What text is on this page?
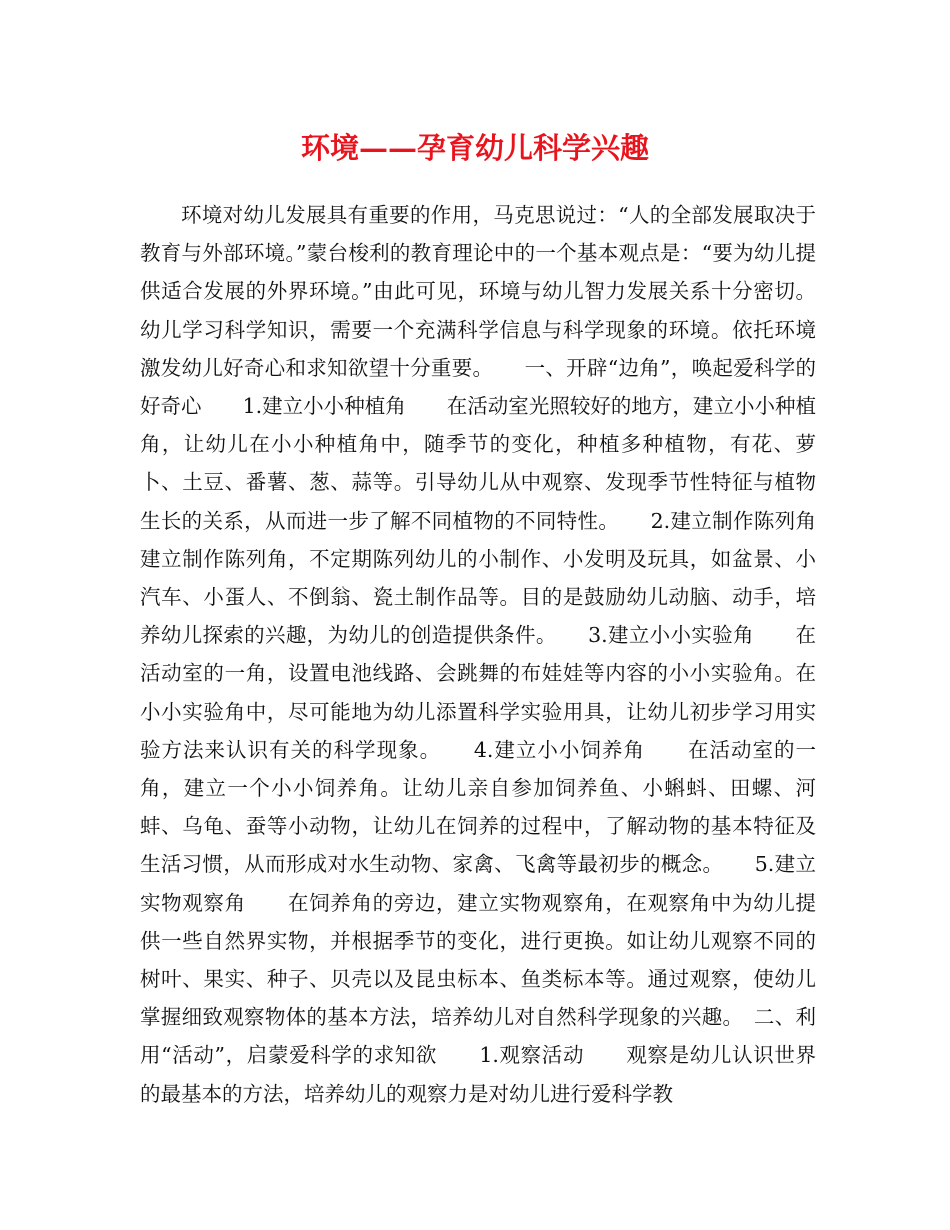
环境——孕育幼儿科学兴趣

环境对幼儿发展具有重要的作用，马克思说过：“人的全部发展取决于教育与外部环境。”蒙台梭利的教育理论中的一个基本观点是：“要为幼儿提供适合发展的外界环境。”由此可见，环境与幼儿智力发展关系十分密切。幼儿学习科学知识，需要一个充满科学信息与科学现象的环境。依托环境激发幼儿好奇心和求知欲望十分重要。　　一、开辟“边角”，唤起爱科学的好奇心　　1.建立小小种植角　　在活动室光照较好的地方，建立小小种植角，让幼儿在小小种植角中，随季节的变化，种植多种植物，有花、萝卜、土豆、番薯、葱、蒜等。引导幼儿从中观察、发现季节性特征与植物生长的关系，从而进一步了解不同植物的不同特性。　　2.建立制作陈列角　　建立制作陈列角，不定期陈列幼儿的小制作、小发明及玩具，如盆景、小汽车、小蛋人、不倒翁、瓷土制作品等。目的是鼓励幼儿动脑、动手，培养幼儿探索的兴趣，为幼儿的创造提供条件。　　3.建立小小实验角　　在活动室的一角，设置电池线路、会跳舞的布娃娃等内容的小小实验角。在小小实验角中，尽可能地为幼儿添置科学实验用具，让幼儿初步学习用实验方法来认识有关的科学现象。　　4.建立小小饲养角　　在活动室的一角，建立一个小小饲养角。让幼儿亲自参加饲养鱼、小蝌蚪、田螺、河蚌、乌龟、蚕等小动物，让幼儿在饲养的过程中，了解动物的基本特征及生活习惯，从而形成对水生动物、家禽、飞禽等最初步的概念。　　5.建立实物观察角　　在饲养角的旁边，建立实物观察角，在观察角中为幼儿提供一些自然界实物，并根据季节的变化，进行更换。如让幼儿观察不同的树叶、果实、种子、贝壳以及昆虫标本、鱼类标本等。通过观察，使幼儿掌握细致观察物体的基本方法，培养幼儿对自然科学现象的兴趣。　二、利用“活动”，启蒙爱科学的求知欲　　1.观察活动　　观察是幼儿认识世界的最基本的方法，培养幼儿的观察力是对幼儿进行爱科学教
